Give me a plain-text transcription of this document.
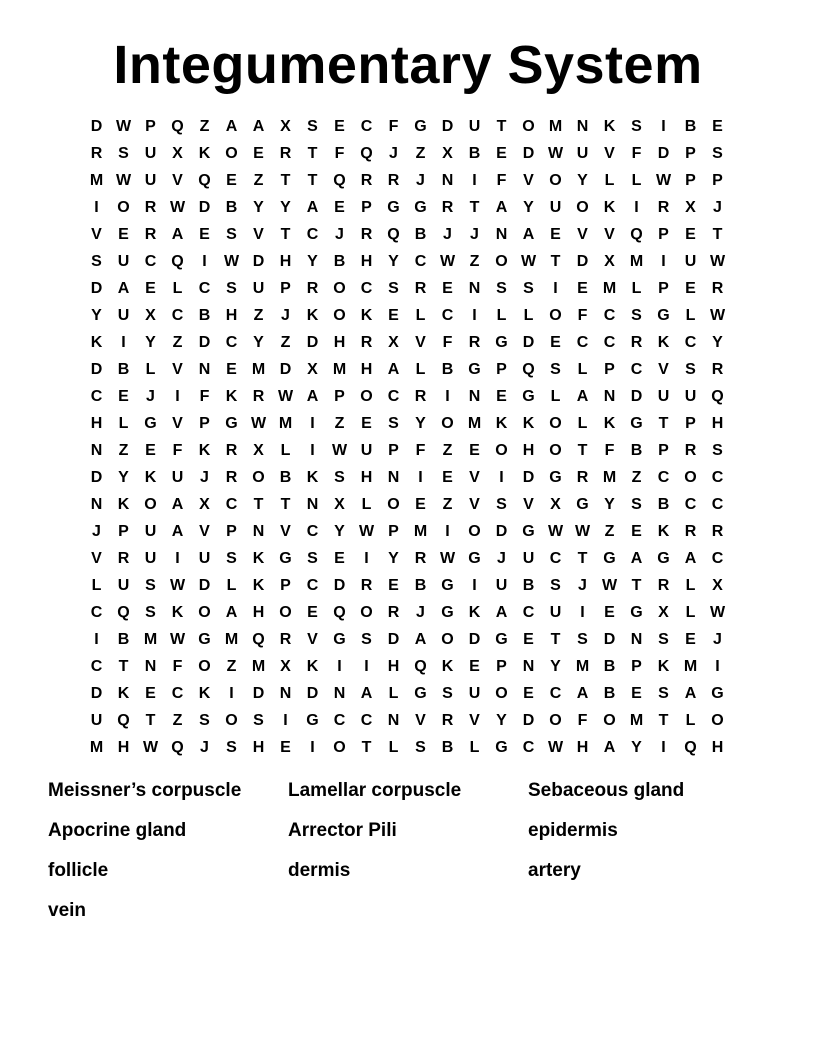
Integumentary System
D W P Q Z	A A X	S	E C	F G D U	T O M N K S	I	B E
R S U X K O E R	T	F Q	J	Z	X B E D W U V	F	D P	S
M W U V Q E	Z	T	T Q R R	J	N	I	F	V O Y	L	L W P	P
I	O R W D B Y	Y A E	P G G R	T	A Y U O K	I	R X	J
V	E R A E	S	V	T	C	J	R Q B	J	J	N A E	V	V Q P	E	T
S U C Q	I	W D H Y B H Y C W Z O W T	D X M	I	U W
D A E	L	C S U P R O C S R E N S	S	I	E M L	P	E R
Y U X C B H	Z	J	K O K E	L	C	I	L	L O F	C S G L W
K	I	Y	Z	D C Y	Z	D H R X	V	F	R G D E C C R K C Y
D B	L	V N E M D X M H A	L	B G P Q S	L	P C V	S R
C E	J	I	F	K R W A P O C R	I	N E G L	A N D U U Q
H	L G V	P G W M	I	Z	E	S	Y O M K K O L	K G T	P H
N	Z	E	F	K R X	L	I	W U P	F	Z	E O H O T	F	B P R S
D Y K U	J	R O B K S H N	I	E	V	I	D G R M Z	C O C
N K O A X C	T	T	N X	L O E	Z	V	S	V	X G Y	S B C C
J	P U A V	P N V C Y W P M	I	O D G W W Z	E K R R
V R U	I	U S K G S	E	I	Y R W G	J	U C	T G A G A C
L	U S W D	L	K P C D R E B G	I	U B S	J W T	R	L	X
C Q S K O A H O E Q O R	J	G K A C U	I	E G X	L W
I	B M W G M Q R V G S D A O D G E	T	S D N S	E	J
C	T	N	F O Z M X K	I	I	H Q K E	P N Y M B P K M	I
D K E C K	I	D N D N A	L G S U O E C A B E	S A G
U Q T	Z	S O S	I	G C C N V R V	Y D O F O M T	L O
M H W Q	J	S H E	I	O T	L	S B	L G C W H A Y	I	Q H
Meissner’s corpuscle	Lamellar corpuscle	Sebaceous gland
Apocrine gland	Arrector Pili	epidermis
follicle	dermis	artery
vein
